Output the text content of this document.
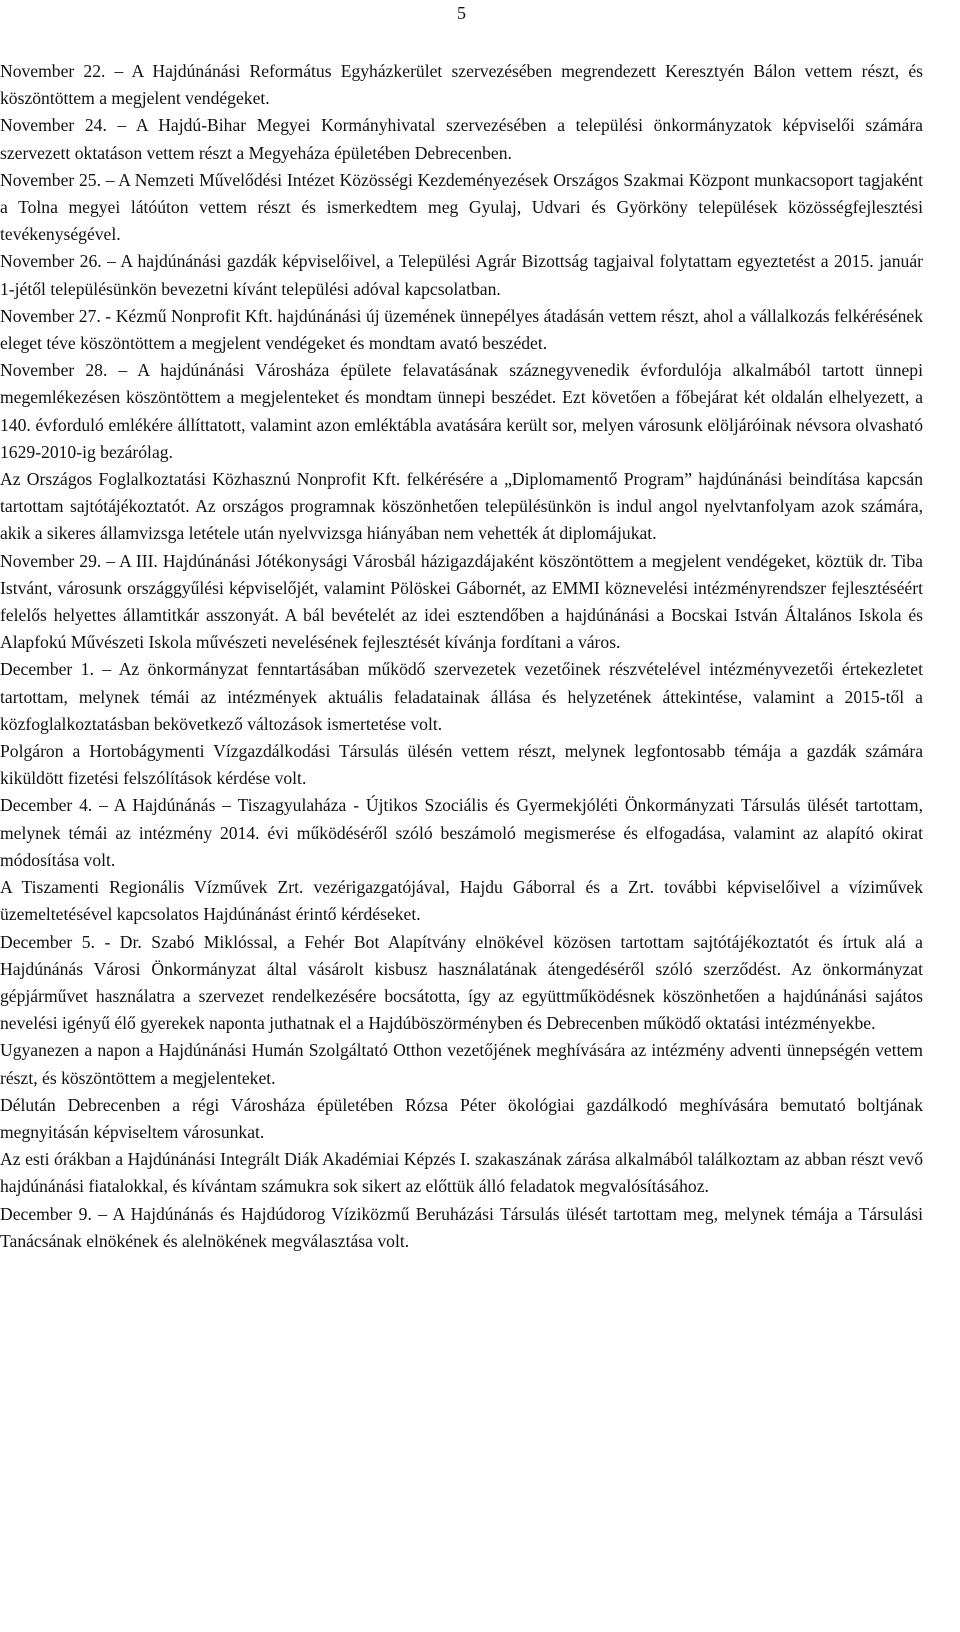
5

November 22. – A Hajdúnánási Református Egyházkerület szervezésében megrendezett Keresztyén Bálon vettem részt, és köszöntöttem a megjelent vendégeket.

November 24. – A Hajdú-Bihar Megyei Kormányhivatal szervezésében a települési önkormányzatok képviselői számára szervezett oktatáson vettem részt a Megyeháza épületében Debrecenben.

November 25. – A Nemzeti Művelődési Intézet Közösségi Kezdeményezések Országos Szakmai Központ munkacsoport tagjaként a Tolna megyei látóúton vettem részt és ismerkedtem meg Gyulaj, Udvari és Györköny települések közösségfejlesztési tevékenységével.

November 26. – A hajdúnánási gazdák képviselőivel, a Települési Agrár Bizottság tagjaival folytattam egyeztetést a 2015. január 1-jétől településünkön bevezetni kívánt települési adóval kapcsolatban.

November 27. - Kézmű Nonprofit Kft. hajdúnánási új üzemének ünnepélyes átadásán vettem részt, ahol a vállalkozás felkérésének eleget téve köszöntöttem a megjelent vendégeket és mondtam avató beszédet.

November 28. – A hajdúnánási Városháza épülete felavatásának száznegyvenedik évfordulója alkalmából tartott ünnepi megemlékezésen köszöntöttem a megjelenteket és mondtam ünnepi beszédet. Ezt követően a főbejárat két oldalán elhelyezett, a 140. évforduló emlékére állíttatott, valamint azon emléktábla avatására került sor, melyen városunk elöljáróinak névsora olvasható 1629-2010-ig bezárólag.

Az Országos Foglalkoztatási Közhasznú Nonprofit Kft. felkérésére a „Diplomamentő Program” hajdúnánási beindítása kapcsán tartottam sajtótájékoztatót. Az országos programnak köszönhetően településünkön is indul angol nyelvtanfolyam azok számára, akik a sikeres államvizsga letétele után nyelvvizsga hiányában nem vehették át diplomájukat.

November 29. – A III. Hajdúnánási Jótékonysági Városbál házigazdájaként köszöntöttem a megjelent vendégeket, köztük dr. Tiba Istvánt, városunk országgyűlési képviselőjét, valamint Pölöskei Gábornét, az EMMI köznevelési intézményrendszer fejlesztéséért felelős helyettes államtitkár asszonyát. A bál bevételét az idei esztendőben a hajdúnánási a Bocskai István Általános Iskola és Alapfokú Művészeti Iskola művészeti nevelésének fejlesztését kívánja fordítani a város.

December 1. – Az önkormányzat fenntartásában működő szervezetek vezetőinek részvételével intézményvezetői értekezletet tartottam, melynek témái az intézmények aktuális feladatainak állása és helyzetének áttekintése, valamint a 2015-től a közfoglalkoztatásban bekövetkező változások ismertetése volt.

Polgáron a Hortobágymenti Vízgazdálkodási Társulás ülésén vettem részt, melynek legfontosabb témája a gazdák számára kiküldött fizetési felszólítások kérdése volt.

December 4. – A Hajdúnánás – Tiszagyulaháza - Újtikos Szociális és Gyermekjóléti Önkormányzati Társulás ülését tartottam, melynek témái az intézmény 2014. évi működéséről szóló beszámoló megismerése és elfogadása, valamint az alapító okirat módosítása volt.

A Tiszamenti Regionális Vízművek Zrt. vezérigazgatójával, Hajdu Gáborral és a Zrt. további képviselőivel a víziművek üzemeltetésével kapcsolatos Hajdúnánást érintő kérdéseket.

December 5. - Dr. Szabó Miklóssal, a Fehér Bot Alapítvány elnökével közösen tartottam sajtótájékoztatót és írtuk alá a Hajdúnánás Városi Önkormányzat által vásárolt kisbusz használatának átengedéséről szóló szerződést. Az önkormányzat gépjárművet használatra a szervezet rendelkezésére bocsátotta, így az együttműködésnek köszönhetően a hajdúnánási sajátos nevelési igényű élő gyerekek naponta juthatnak el a Hajdúböszörményben és Debrecenben működő oktatási intézményekbe.

Ugyanezen a napon a Hajdúnánási Humán Szolgáltató Otthon vezetőjének meghívására az intézmény adventi ünnepségén vettem részt, és köszöntöttem a megjelenteket.

Délután Debrecenben a régi Városháza épületében Rózsa Péter ökológiai gazdálkodó meghívására bemutató boltjának megnyitásán képviseltem városunkat.

Az esti órákban a Hajdúnánási Integrált Diák Akadémiai Képzés I. szakaszának zárása alkalmából találkoztam az abban részt vevő hajdúnánási fiatalokkal, és kívántam számukra sok sikert az előttük álló feladatok megvalósításához.

December 9. – A Hajdúnánás és Hajdúdorog Víziközmű Beruházási Társulás ülését tartottam meg, melynek témája a Társulási Tanácsának elnökének és alelnökének megválasztása volt.
